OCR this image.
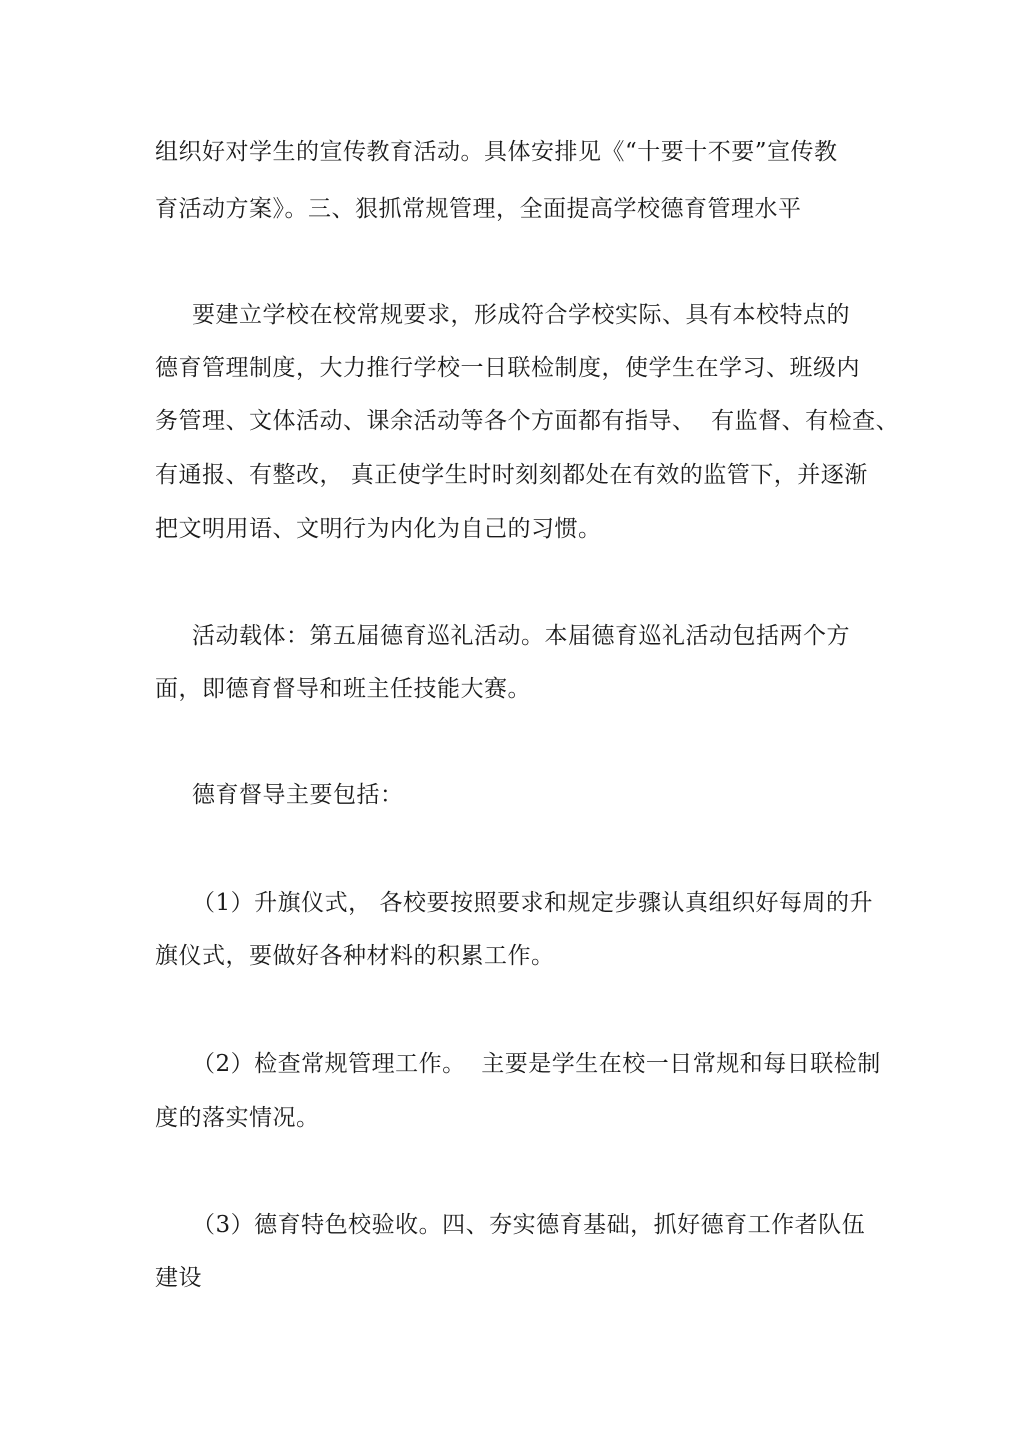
组织好对学生的宣传教育活动。具体安排见《“十要十不要”宣传教
育活动方案》。三、狠抓常规管理，全面提高学校德育管理水平
要建立学校在校常规要求，形成符合学校实际、具有本校特点的
德育管理制度，大力推行学校一日联检制度，使学生在学习、班级内
务管理、文体活动、课余活动等各个方面都有指导、  有监督、有检查、
有通报、有整改， 真正使学生时时刻刻都处在有效的监管下，并逐渐
把文明用语、文明行为内化为自己的习惯。
活动载体：第五届德育巡礼活动。本届德育巡礼活动包括两个方
面，即德育督导和班主任技能大赛。
德育督导主要包括：
（1）升旗仪式， 各校要按照要求和规定步骤认真组织好每周的升
旗仪式，要做好各种材料的积累工作。
（2）检查常规管理工作。  主要是学生在校一日常规和每日联检制
度的落实情况。
（3）德育特色校验收。四、夯实德育基础，抓好德育工作者队伍
建设
